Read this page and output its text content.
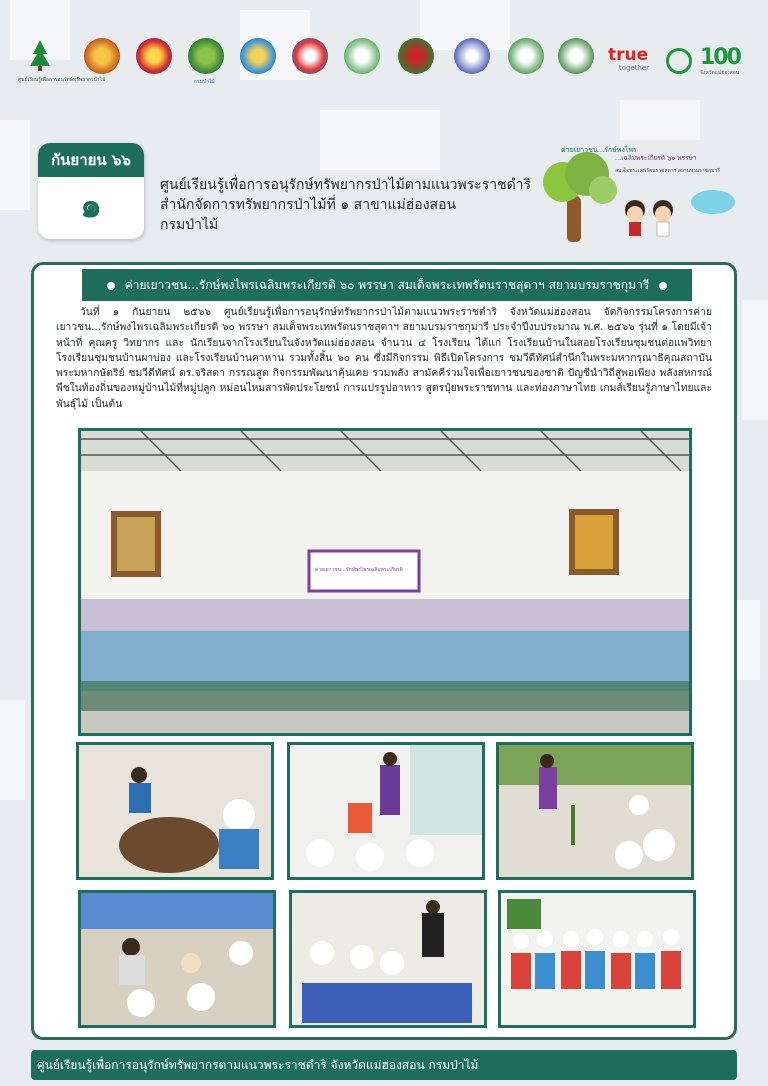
ศูนย์เรียนรู้เพื่อการอนุรักษ์ทรัพยากรป่าไม้	กรมป่าไม้
true
together	100
จังหวัดแม่ฮ่องสอน
กันยายน ๖๖
๑
ศูนย์เรียนรู้เพื่อการอนุรักษ์ทรัพยากรป่าไม้ตามแนวพระราชดำริ
สำนักจัดการทรัพยากรป่าไม้ที่ ๑ สาขาแม่ฮ่องสอน
กรมป่าไม้
ค่ายเยาวชน...รักษ์พงไพร
...เฉลิมพระเกียรติ ๖๐ พรรษา
สมเด็จพระเทพรัตนราชสุดาฯ สยามบรมราชกุมารี
ค่ายเยาวชน...รักษ์พงไพรเฉลิมพระเกียรติ ๖๐ พรรษา สมเด็จพระเทพรัตนราชสุดาฯ สยามบรมราชกุมารี

วันที่ ๑ กันยายน ๒๕๖๖ ศูนย์เรียนรู้เพื่อการอนุรักษ์ทรัพยากรป่าไม้ตามแนวพระราชดำริ จังหวัดแม่ฮ่องสอน จัดกิจกรรมโครงการค่ายเยาวชน...รักษ์พงไพรเฉลิมพระเกียรติ ๖๐ พรรษา สมเด็จพระเทพรัตนราชสุดาฯ สยามบรมราชกุมารี ประจำปีงบประมาณ พ.ศ. ๒๕๖๖ รุ่นที่ ๑ โดยมีเจ้าหน้าที่ คุณครู วิทยากร และ นักเรียนจากโรงเรียนในจังหวัดแม่ฮ่องสอน จำนวน ๔ โรงเรียน ได้แก่ โรงเรียนบ้านในสอยโรงเรียนชุมชนต่อแพวิทยา โรงเรียนชุมชนบ้านผาบ่อง และโรงเรียนบ้านคาหาน รวมทั้งสิ้น ๖๐ คน ซึ่งมีกิจกรรม พิธีเปิดโครงการ ชมวีดีทัศน์สำนึกในพระมหากรุณาธิคุณสถาบันพระมหากษัตริย์ ชมวีดีทัศน์ ดร.จริสดา กรรณสูต กิจกรรมพัฒนาคุ้นเคย รวมพลัง สามัคคีร่วมใจเพื่อเยาวชนของชาติ ปัญชีนำวิถีสู่พอเพียง พลังสหกรณ์ พืชในท้องถิ่นของหมู่บ้านไม้ที่หมู่ปลูก หม่อนไหมสารพัดประโยชน์ การแปรรูปอาหาร สูตรปุ๋ยพระราชทาน และท่องภาษาไทย เกมส์เรียนรู้ภาษาไทยและพันธุ์ไม้ เป็นต้น

ค่ายเยาวชน...รักษ์พงไพรเฉลิมพระเกียรติ
ศูนย์เรียนรู้เพื่อการอนุรักษ์ทรัพยากรตามแนวพระราชดำริ จังหวัดแม่ฮ่องสอน กรมป่าไม้
